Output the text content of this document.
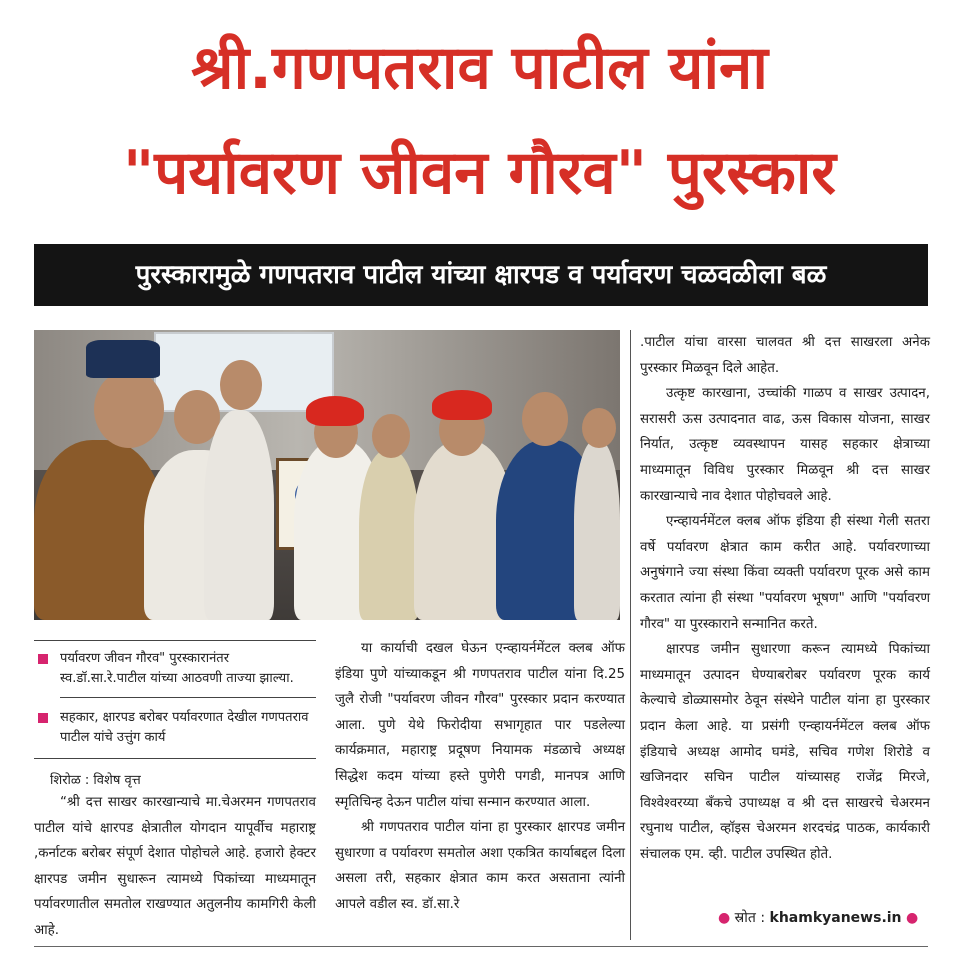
श्री.गणपतराव पाटील यांना
"पर्यावरण जीवन गौरव" पुरस्कार
पुरस्कारामुळे गणपतराव पाटील यांच्या क्षारपड व पर्यावरण चळवळीला बळ
पर्यावरण जीवन गौरव" पुरस्कारानंतर स्व.डॉ.सा.रे.पाटील यांच्या आठवणी ताज्या झाल्या.
सहकार, क्षारपड बरोबर पर्यावरणात देखील गणपतराव पाटील यांचे उत्तुंग कार्य
शिरोळ : विशेष वृत्त

“श्री दत्त साखर कारखान्याचे मा.चेअरमन गणपतराव पाटील यांचे क्षारपड क्षेत्रातील योगदान यापूर्वीच महाराष्ट्र ,कर्नाटक बरोबर संपूर्ण देशात पोहोचले आहे. हजारो हेक्टर क्षारपड जमीन सुधारून त्यामध्ये पिकांच्या माध्यमातून पर्यावरणातील समतोल राखण्यात अतुलनीय कामगिरी केली आहे.

या कार्याची दखल घेऊन एन्व्हायर्नमेंटल क्लब ऑफ इंडिया पुणे यांच्याकडून श्री गणपतराव पाटील यांना दि.25 जुलै रोजी "पर्यावरण जीवन गौरव" पुरस्कार प्रदान करण्यात आला. पुणे येथे फिरोदीया सभागृहात पार पडलेल्या कार्यक्रमात, महाराष्ट्र प्रदूषण नियामक मंडळाचे अध्यक्ष सिद्धेश कदम यांच्या हस्ते पुणेरी पगडी, मानपत्र आणि स्मृतिचिन्ह देऊन पाटील यांचा सन्मान करण्यात आला.

श्री गणपतराव पाटील यांना हा पुरस्कार क्षारपड जमीन सुधारणा व पर्यावरण समतोल अशा एकत्रित कार्याबद्दल दिला असला तरी, सहकार क्षेत्रात काम करत असताना त्यांनी आपले वडील स्व. डॉ.सा.रे

.पाटील यांचा वारसा चालवत श्री दत्त साखरला अनेक पुरस्कार मिळवून दिले आहेत.

उत्कृष्ट कारखाना, उच्चांकी गाळप व साखर उत्पादन, सरासरी ऊस उत्पादनात वाढ, ऊस विकास योजना, साखर निर्यात, उत्कृष्ट व्यवस्थापन यासह सहकार क्षेत्राच्या माध्यमातून विविध पुरस्कार मिळवून श्री दत्त साखर कारखान्याचे नाव देशात पोहोचवले आहे.

एन्व्हायर्नमेंटल क्लब ऑफ इंडिया ही संस्था गेली सतरा वर्षे पर्यावरण क्षेत्रात काम करीत आहे. पर्यावरणाच्या अनुषंगाने ज्या संस्था किंवा व्यक्ती पर्यावरण पूरक असे काम करतात त्यांना ही संस्था "पर्यावरण भूषण" आणि "पर्यावरण गौरव" या पुरस्काराने सन्मानित करते.

क्षारपड जमीन सुधारणा करून त्यामध्ये पिकांच्या माध्यमातून उत्पादन घेण्याबरोबर पर्यावरण पूरक कार्य केल्याचे डोळ्यासमोर ठेवून संस्थेने पाटील यांना हा पुरस्कार प्रदान केला आहे. या प्रसंगी एन्व्हायर्नमेंटल क्लब ऑफ इंडियाचे अध्यक्ष आमोद घमंडे, सचिव गणेश शिरोडे व खजिनदार सचिन पाटील यांच्यासह राजेंद्र मिरजे, विश्वेश्वरय्या बँकचे उपाध्यक्ष व श्री दत्त साखरचे चेअरमन रघुनाथ पाटील, व्हॉइस चेअरमन शरदचंद्र पाठक, कार्यकारी संचालक एम. व्ही. पाटील उपस्थित होते.

● स्रोत : khamkyanews.in ●
